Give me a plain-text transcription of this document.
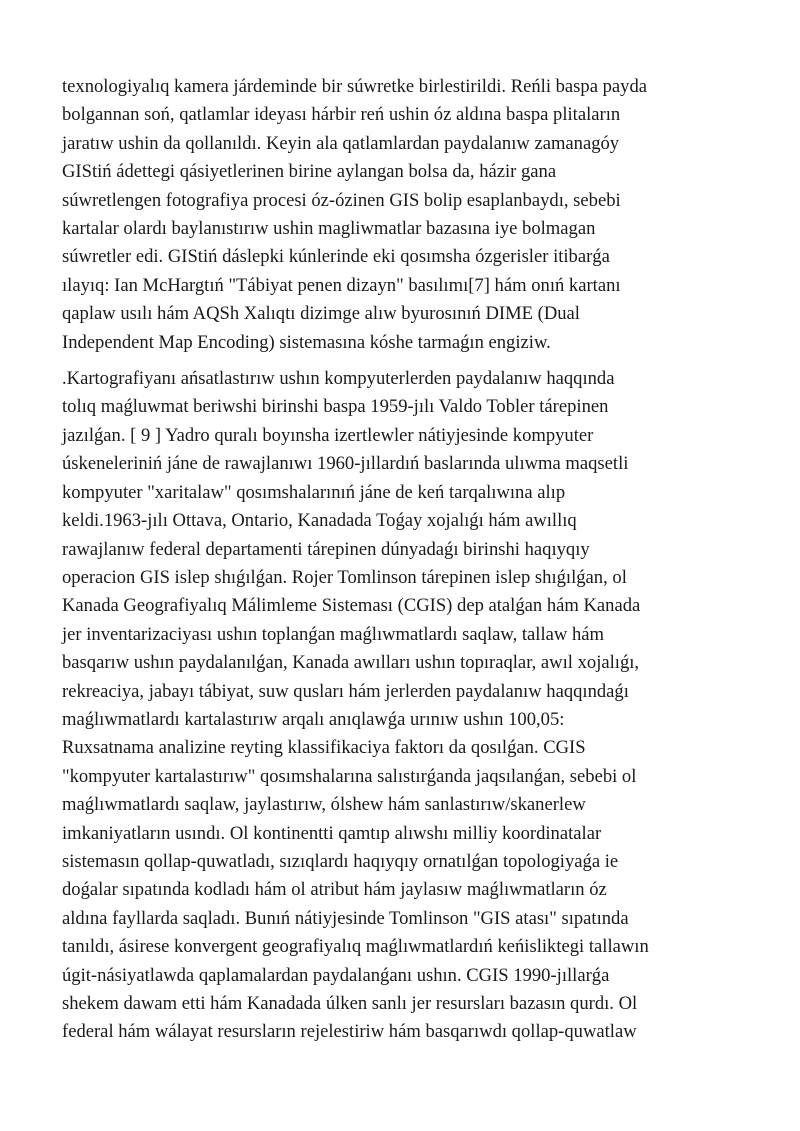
texnologiyalıq kamera járdeminde bir súwretke birlestirildi. Reńli baspa payda
bolgannan soń, qatlamlar ideyası hárbir reń ushin óz aldına baspa plitaların
jaratıw ushin da qollanıldı. Keyin ala qatlamlardan paydalanıw zamanagóy
GIStiń ádettegi qásiyetlerinen birine aylangan bolsa da, házir gana
súwretlengen fotografiya procesi óz-ózinen GIS bolip esaplanbaydı, sebebi
kartalar olardı baylanıstırıw ushin magliwmatlar bazasına iye bolmagan
súwretler edi. GIStiń dáslepki kúnlerinde eki qosımsha ózgerisler itibarǵa
ılayıq: Ian McHargtıń "Tábiyat penen dizayn" basılımı[7] hám onıń kartanı
qaplaw usılı hám AQSh Xalıqtı dizimge alıw byurosınıń DIME (Dual
Independent Map Encoding) sistemasına kóshe tarmaǵın engiziw.
.Kartografiyanı ańsatlastırıw ushın kompyuterlerden paydalanıw haqqında
tolıq maǵluwmat beriwshi birinshi baspa 1959-jılı Valdo Tobler tárepinen
jazılǵan. [ 9 ] Yadro quralı boyınsha izertlewler nátiyjesinde kompyuter
úskeneleriniń jáne de rawajlanıwı 1960-jıllardıń baslarında ulıwma maqsetli
kompyuter "xaritalaw" qosımshalarınıń jáne de keń tarqalıwına alıp
keldi.1963-jılı Ottava, Ontario, Kanadada Toǵay xojalıǵı hám awıllıq
rawajlanıw federal departamenti tárepinen dúnyadaǵı birinshi haqıyqıy
operacion GIS islep shıǵılǵan. Rojer Tomlinson tárepinen islep shıǵılǵan, ol
Kanada Geografiyalıq Málimleme Sisteması (CGIS) dep atalǵan hám Kanada
jer inventarizaciyası ushın toplanǵan maǵlıwmatlardı saqlaw, tallaw hám
basqarıw ushın paydalanılǵan, Kanada awılları ushın topıraqlar, awıl xojalıǵı,
rekreaciya, jabayı tábiyat, suw qusları hám jerlerden paydalanıw haqqındaǵı
maǵlıwmatlardı kartalastırıw arqalı anıqlawǵa urınıw ushın 100,05:
Ruxsatnama analizine reyting klassifikaciya faktorı da qosılǵan. CGIS
"kompyuter kartalastırıw" qosımshalarına salıstırǵanda jaqsılanǵan, sebebi ol
maǵlıwmatlardı saqlaw, jaylastırıw, ólshew hám sanlastırıw/skanerlew
imkaniyatların usındı. Ol kontinentti qamtıp alıwshı milliy koordinatalar
sistemasın qollap-quwatladı, sızıqlardı haqıyqıy ornatılǵan topologiyaǵa ie
doǵalar sıpatında kodladı hám ol atribut hám jaylasıw maǵlıwmatların óz
aldına fayllarda saqladı. Bunıń nátiyjesinde Tomlinson "GIS atası" sıpatında
tanıldı, ásirese konvergent geografiyalıq maǵlıwmatlardıń keńisliktegi tallawın
úgit-násiyatlawda qaplamalardan paydalanǵanı ushın. CGIS 1990-jıllarǵa
shekem dawam etti hám Kanadada úlken sanlı jer resursları bazasın qurdı. Ol
federal hám wálayat resursların rejelestiriw hám basqarıwdı qollap-quwatlaw
